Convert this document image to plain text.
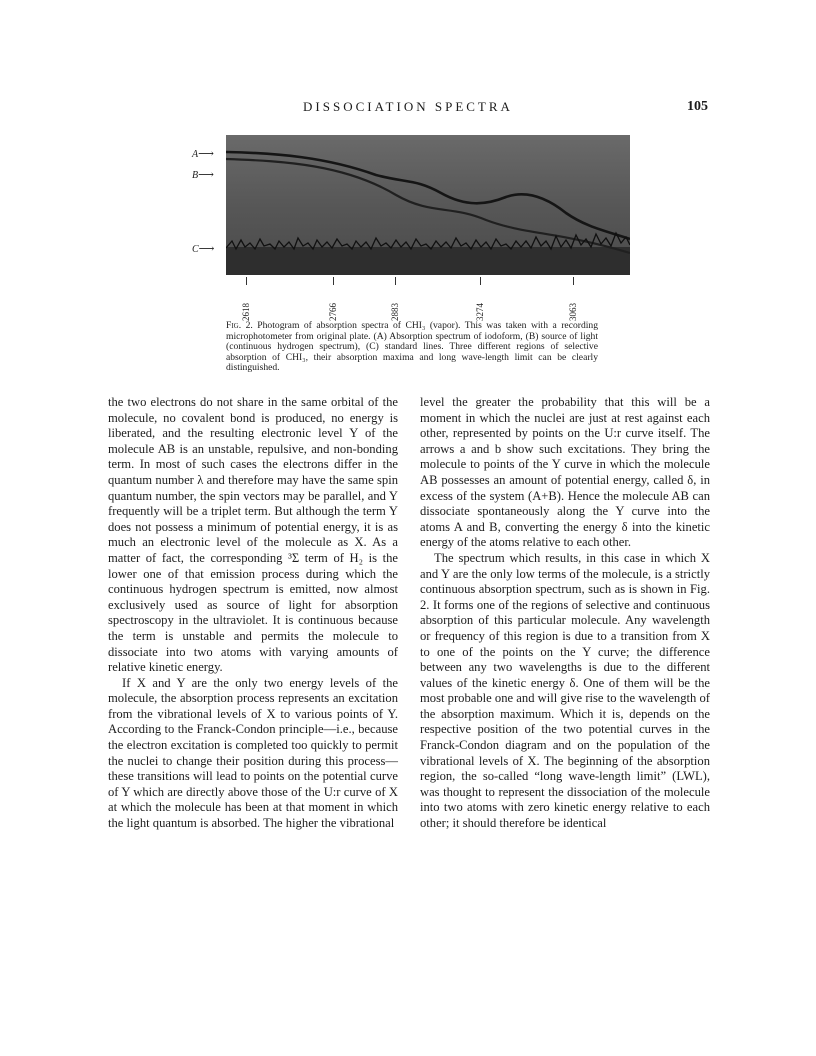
DISSOCIATION SPECTRA	105
A⟶
B⟶
C⟶
2618	2766	2883	3274	3063
Fig. 2. Photogram of absorption spectra of CHI₃ (vapor). This was taken with a recording microphotometer from original plate. (A) Absorption spectrum of iodoform, (B) source of light (continuous hydrogen spectrum), (C) standard lines. Three different regions of selective absorption of CHI₃, their absorption maxima and long wave-length limit can be clearly distinguished.

the two electrons do not share in the same orbital of the molecule, no covalent bond is produced, no energy is liberated, and the resulting electronic level Y of the molecule AB is an unstable, repulsive, and non-bonding term. In most of such cases the electrons differ in the quantum number λ and therefore may have the same spin quantum number, the spin vectors may be parallel, and Y frequently will be a triplet term. But although the term Y does not possess a minimum of potential energy, it is as much an electronic level of the molecule as X. As a matter of fact, the corresponding ³Σ term of H₂ is the lower one of that emission process during which the continuous hydrogen spectrum is emitted, now almost exclusively used as source of light for absorption spectroscopy in the ultraviolet. It is continuous because the term is unstable and permits the molecule to dissociate into two atoms with varying amounts of relative kinetic energy.

If X and Y are the only two energy levels of the molecule, the absorption process represents an excitation from the vibrational levels of X to various points of Y. According to the Franck-Condon principle—i.e., because the electron excitation is completed too quickly to permit the nuclei to change their position during this process—these transitions will lead to points on the potential curve of Y which are directly above those of the U:r curve of X at which the molecule has been at that moment in which the light quantum is absorbed. The higher the vibrational

level the greater the probability that this will be a moment in which the nuclei are just at rest against each other, represented by points on the U:r curve itself. The arrows a and b show such excitations. They bring the molecule to points of the Y curve in which the molecule AB possesses an amount of potential energy, called δ, in excess of the system (A+B). Hence the molecule AB can dissociate spontaneously along the Y curve into the atoms A and B, converting the energy δ into the kinetic energy of the atoms relative to each other.

The spectrum which results, in this case in which X and Y are the only low terms of the molecule, is a strictly continuous absorption spectrum, such as is shown in Fig. 2. It forms one of the regions of selective and continuous absorption of this particular molecule. Any wavelength or frequency of this region is due to a transition from X to one of the points on the Y curve; the difference between any two wavelengths is due to the different values of the kinetic energy δ. One of them will be the most probable one and will give rise to the wavelength of the absorption maximum. Which it is, depends on the respective position of the two potential curves in the Franck-Condon diagram and on the population of the vibrational levels of X. The beginning of the absorption region, the so-called “long wave-length limit” (LWL), was thought to represent the dissociation of the molecule into two atoms with zero kinetic energy relative to each other; it should therefore be identical
